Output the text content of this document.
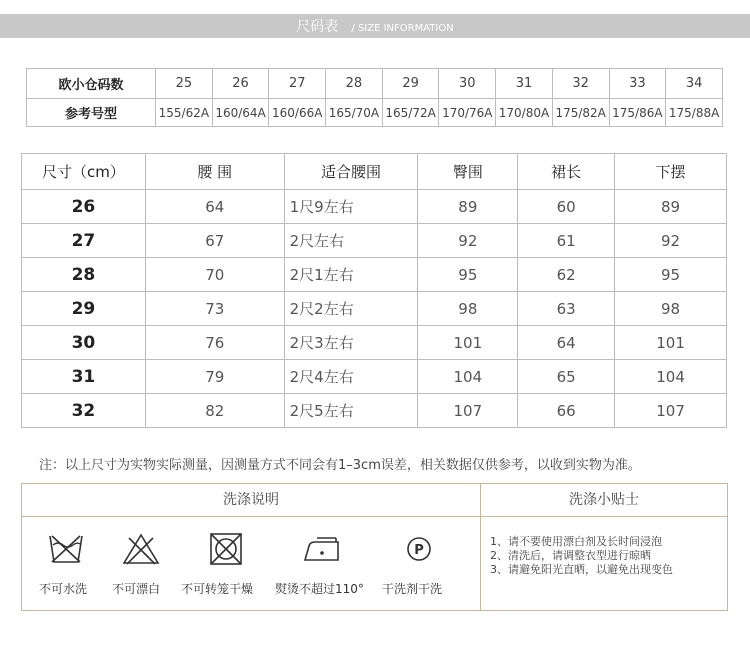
尺码表 / SIZE INFORMATION
欧小仓码数	25	26	27	28	29	30	31	32	33	34
参考号型	155/62A	160/64A	160/66A	165/70A	165/72A	170/76A	170/80A	175/82A	175/86A	175/88A
尺寸（cm）	腰 围	适合腰围	臀围	裙长	下摆
26	64	1尺9左右	89	60	89
27	67	2尺左右	92	61	92
28	70	2尺1左右	95	62	95
29	73	2尺2左右	98	63	98
30	76	2尺3左右	101	64	101
31	79	2尺4左右	104	65	104
32	82	2尺5左右	107	66	107
注：以上尺寸为实物实际测量，因测量方式不同会有1–3cm误差，相关数据仅供参考，以收到实物为准。
洗涤说明	洗涤小贴士
不可水洗 不可漂白 不可转笼干燥 熨烫不超过110°
P
干洗剂干洗
1、请不要使用漂白剂及长时间浸泡
2、清洗后，请调整衣型进行晾晒
3、请避免阳光直晒，以避免出现变色
